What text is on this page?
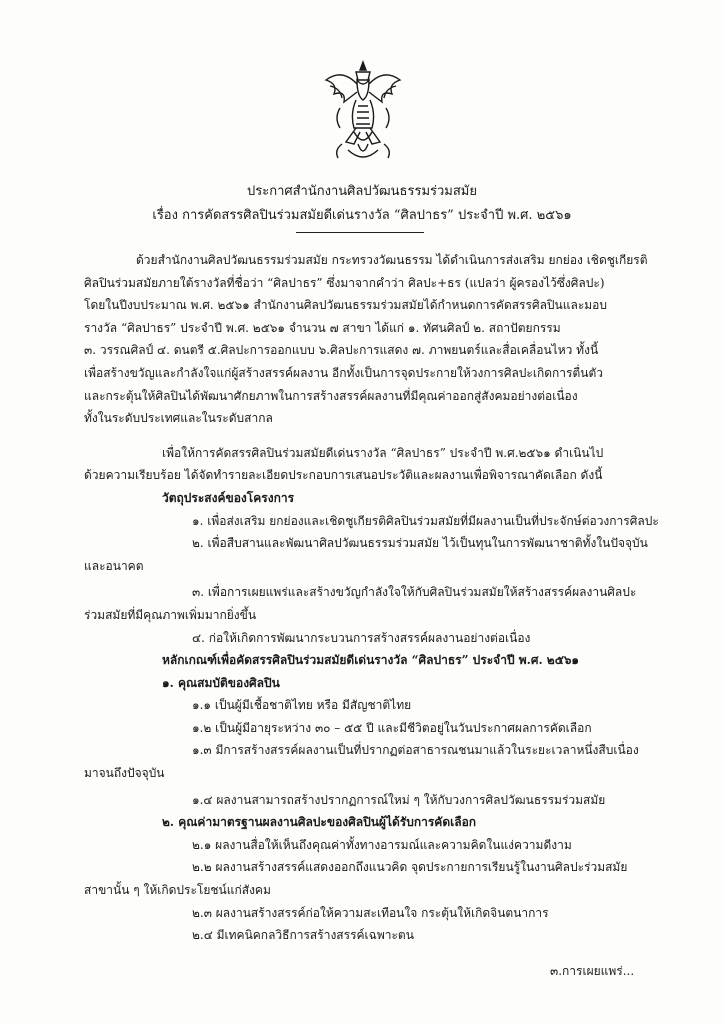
ประกาศสำนักงานศิลปวัฒนธรรมร่วมสมัย
เรื่อง การคัดสรรศิลปินร่วมสมัยดีเด่นรางวัล “ศิลปาธร” ประจำปี พ.ศ. ๒๕๖๑

ด้วยสำนักงานศิลปวัฒนธรรมร่วมสมัย กระทรวงวัฒนธรรม ได้ดำเนินการส่งเสริม ยกย่อง เชิดชูเกียรติ

ศิลปินร่วมสมัยภายใต้รางวัลที่ชื่อว่า “ศิลปาธร” ซึ่งมาจากคำว่า ศิลปะ+ธร (แปลว่า ผู้ครองไว้ซึ่งศิลปะ)

โดยในปีงบประมาณ พ.ศ. ๒๕๖๑ สำนักงานศิลปวัฒนธรรมร่วมสมัยได้กำหนดการคัดสรรศิลปินและมอบ

รางวัล “ศิลปาธร” ประจำปี พ.ศ. ๒๕๖๑ จำนวน ๗ สาขา ได้แก่ ๑. ทัศนศิลป์ ๒. สถาปัตยกรรม

๓. วรรณศิลป์ ๔. ดนตรี ๕.ศิลปะการออกแบบ ๖.ศิลปะการแสดง ๗. ภาพยนตร์และสื่อเคลื่อนไหว ทั้งนี้

เพื่อสร้างขวัญและกำลังใจแก่ผู้สร้างสรรค์ผลงาน อีกทั้งเป็นการจุดประกายให้วงการศิลปะเกิดการตื่นตัว

และกระตุ้นให้ศิลปินได้พัฒนาศักยภาพในการสร้างสรรค์ผลงานที่มีคุณค่าออกสู่สังคมอย่างต่อเนื่อง

ทั้งในระดับประเทศและในระดับสากล

เพื่อให้การคัดสรรศิลปินร่วมสมัยดีเด่นรางวัล “ศิลปาธร” ประจำปี พ.ศ.๒๕๖๑ ดำเนินไป

ด้วยความเรียบร้อย ได้จัดทำรายละเอียดประกอบการเสนอประวัติและผลงานเพื่อพิจารณาคัดเลือก ดังนี้

วัตถุประสงค์ของโครงการ

๑. เพื่อส่งเสริม ยกย่องและเชิดชูเกียรติศิลปินร่วมสมัยที่มีผลงานเป็นที่ประจักษ์ต่อวงการศิลปะ

๒. เพื่อสืบสานและพัฒนาศิลปวัฒนธรรมร่วมสมัย ไว้เป็นทุนในการพัฒนาชาติทั้งในปัจจุบัน

และอนาคต

๓. เพื่อการเผยแพร่และสร้างขวัญกำลังใจให้กับศิลปินร่วมสมัยให้สร้างสรรค์ผลงานศิลปะ

ร่วมสมัยที่มีคุณภาพเพิ่มมากยิ่งขึ้น

๔. ก่อให้เกิดการพัฒนากระบวนการสร้างสรรค์ผลงานอย่างต่อเนื่อง

หลักเกณฑ์เพื่อคัดสรรศิลปินร่วมสมัยดีเด่นรางวัล “ศิลปาธร” ประจำปี พ.ศ. ๒๕๖๑

๑. คุณสมบัติของศิลปิน

๑.๑ เป็นผู้มีเชื้อชาติไทย หรือ มีสัญชาติไทย

๑.๒ เป็นผู้มีอายุระหว่าง ๓๐ – ๕๕ ปี และมีชีวิตอยู่ในวันประกาศผลการคัดเลือก

๑.๓ มีการสร้างสรรค์ผลงานเป็นที่ปรากฏต่อสาธารณชนมาแล้วในระยะเวลาหนึ่งสืบเนื่อง

มาจนถึงปัจจุบัน

๑.๔ ผลงานสามารถสร้างปรากฏการณ์ใหม่ ๆ ให้กับวงการศิลปวัฒนธรรมร่วมสมัย

๒. คุณค่ามาตรฐานผลงานศิลปะของศิลปินผู้ได้รับการคัดเลือก

๒.๑ ผลงานสื่อให้เห็นถึงคุณค่าทั้งทางอารมณ์และความคิดในแง่ความดีงาม

๒.๒ ผลงานสร้างสรรค์แสดงออกถึงแนวคิด จุดประกายการเรียนรู้ในงานศิลปะร่วมสมัย

สาขานั้น ๆ ให้เกิดประโยชน์แก่สังคม

๒.๓ ผลงานสร้างสรรค์ก่อให้ความสะเทือนใจ กระตุ้นให้เกิดจินตนาการ

๒.๔ มีเทคนิคกลวิธีการสร้างสรรค์เฉพาะตน

๓.การเผยแพร่...
